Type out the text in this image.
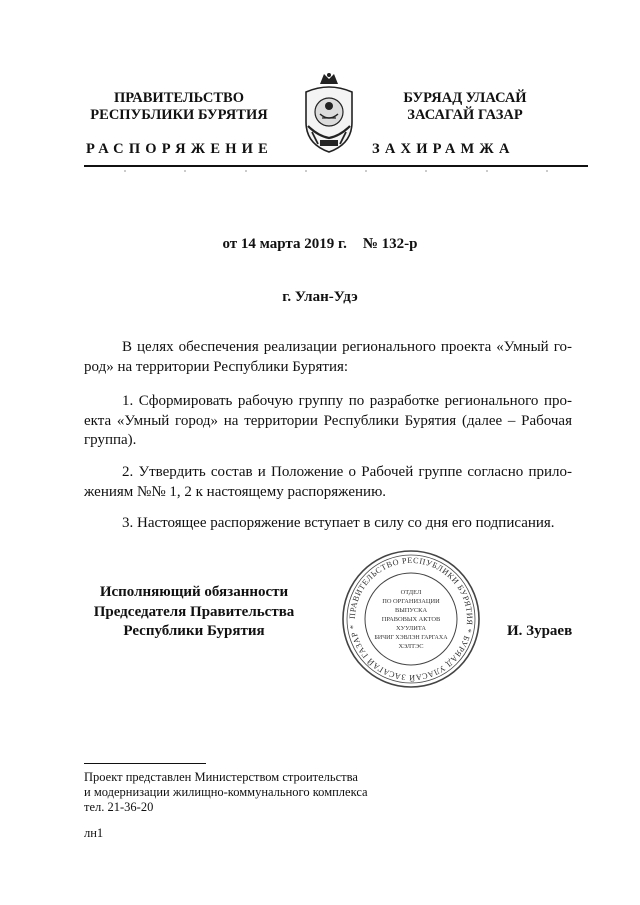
ПРАВИТЕЛЬСТВО
РЕСПУБЛИКИ БУРЯТИЯ
РАСПОРЯЖЕНИЕ
БУРЯАД УЛАСАЙ
ЗАСАГАЙ ГАЗАР
ЗАХИРАМЖА
от 14 марта 2019 г. № 132-р
г. Улан-Удэ
В целях обеспечения реализации регионального проекта «Умный го-род» на территории Республики Бурятия:
1. Сформировать рабочую группу по разработке регионального про-екта «Умный город» на территории Республики Бурятия (далее – Рабочая группа).
2. Утвердить состав и Положение о Рабочей группе согласно прило-жениям №№ 1, 2 к настоящему распоряжению.
3. Настоящее распоряжение вступает в силу со дня его подписания.
Исполняющий обязанности
Председателя Правительства
Республики Бурятия
ПРАВИТЕЛЬСТВО РЕСПУБЛИКИ БУРЯТИЯ * БУРЯАД УЛАСАЙ ЗАСАГАЙ ГАЗАР *
ОТДЕЛ
ПО ОРГАНИЗАЦИИ
ВЫПУСКА
ПРАВОВЫХ АКТОВ
ХУУЛИТА
БИЧИГ ХЭВЛЭН ГАРГАХА
ХЭЛТЭС
И. Зураев
Проект представлен Министерством строительства
и модернизации жилищно-коммунального комплекса
тел. 21-36-20
лн1
